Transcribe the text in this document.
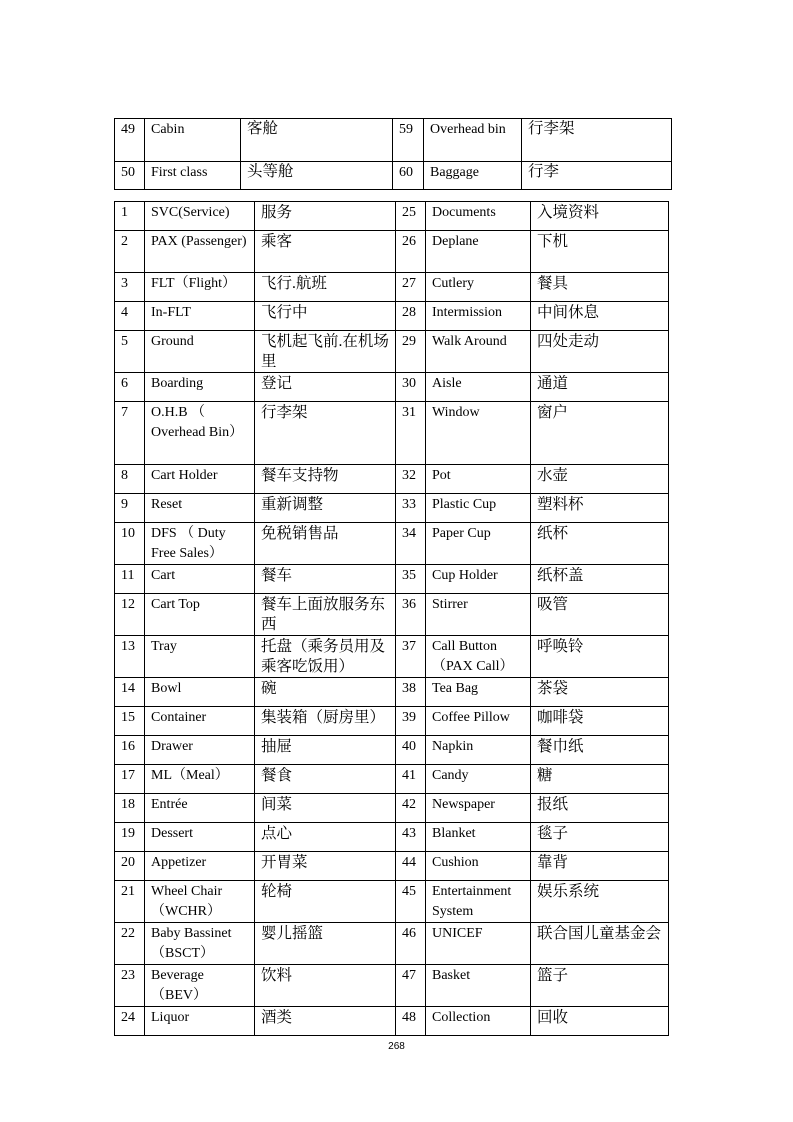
49	Cabin	客舱	59	Overhead bin	行李架
50	First class	头等舱	60	Baggage	行李
1	SVC(Service)	服务	25	Documents	入境资料
2	PAX (Passenger)	乘客	26	Deplane	下机
3	FLT（Flight）	飞行.航班	27	Cutlery	餐具
4	In-FLT	飞行中	28	Intermission	中间休息
5	Ground	飞机起飞前.在机场里	29	Walk Around	四处走动
6	Boarding	登记	30	Aisle	通道
7	O.H.B （ Overhead Bin）	行李架	31	Window	窗户
8	Cart Holder	餐车支持物	32	Pot	水壶
9	Reset	重新调整	33	Plastic Cup	塑料杯
10	DFS （ Duty Free Sales）	免税销售品	34	Paper Cup	纸杯
11	Cart	餐车	35	Cup Holder	纸杯盖
12	Cart Top	餐车上面放服务东西	36	Stirrer	吸管
13	Tray	托盘（乘务员用及乘客吃饭用）	37	Call Button （PAX Call）	呼唤铃
14	Bowl	碗	38	Tea Bag	茶袋
15	Container	集装箱（厨房里）	39	Coffee Pillow	咖啡袋
16	Drawer	抽屉	40	Napkin	餐巾纸
17	ML（Meal）	餐食	41	Candy	糖
18	Entrée	间菜	42	Newspaper	报纸
19	Dessert	点心	43	Blanket	毯子
20	Appetizer	开胃菜	44	Cushion	靠背
21	Wheel Chair （WCHR）	轮椅	45	Entertainment System	娱乐系统
22	Baby Bassinet （BSCT）	婴儿摇篮	46	UNICEF	联合国儿童基金会
23	Beverage （BEV）	饮料	47	Basket	篮子
24	Liquor	酒类	48	Collection	回收
268
